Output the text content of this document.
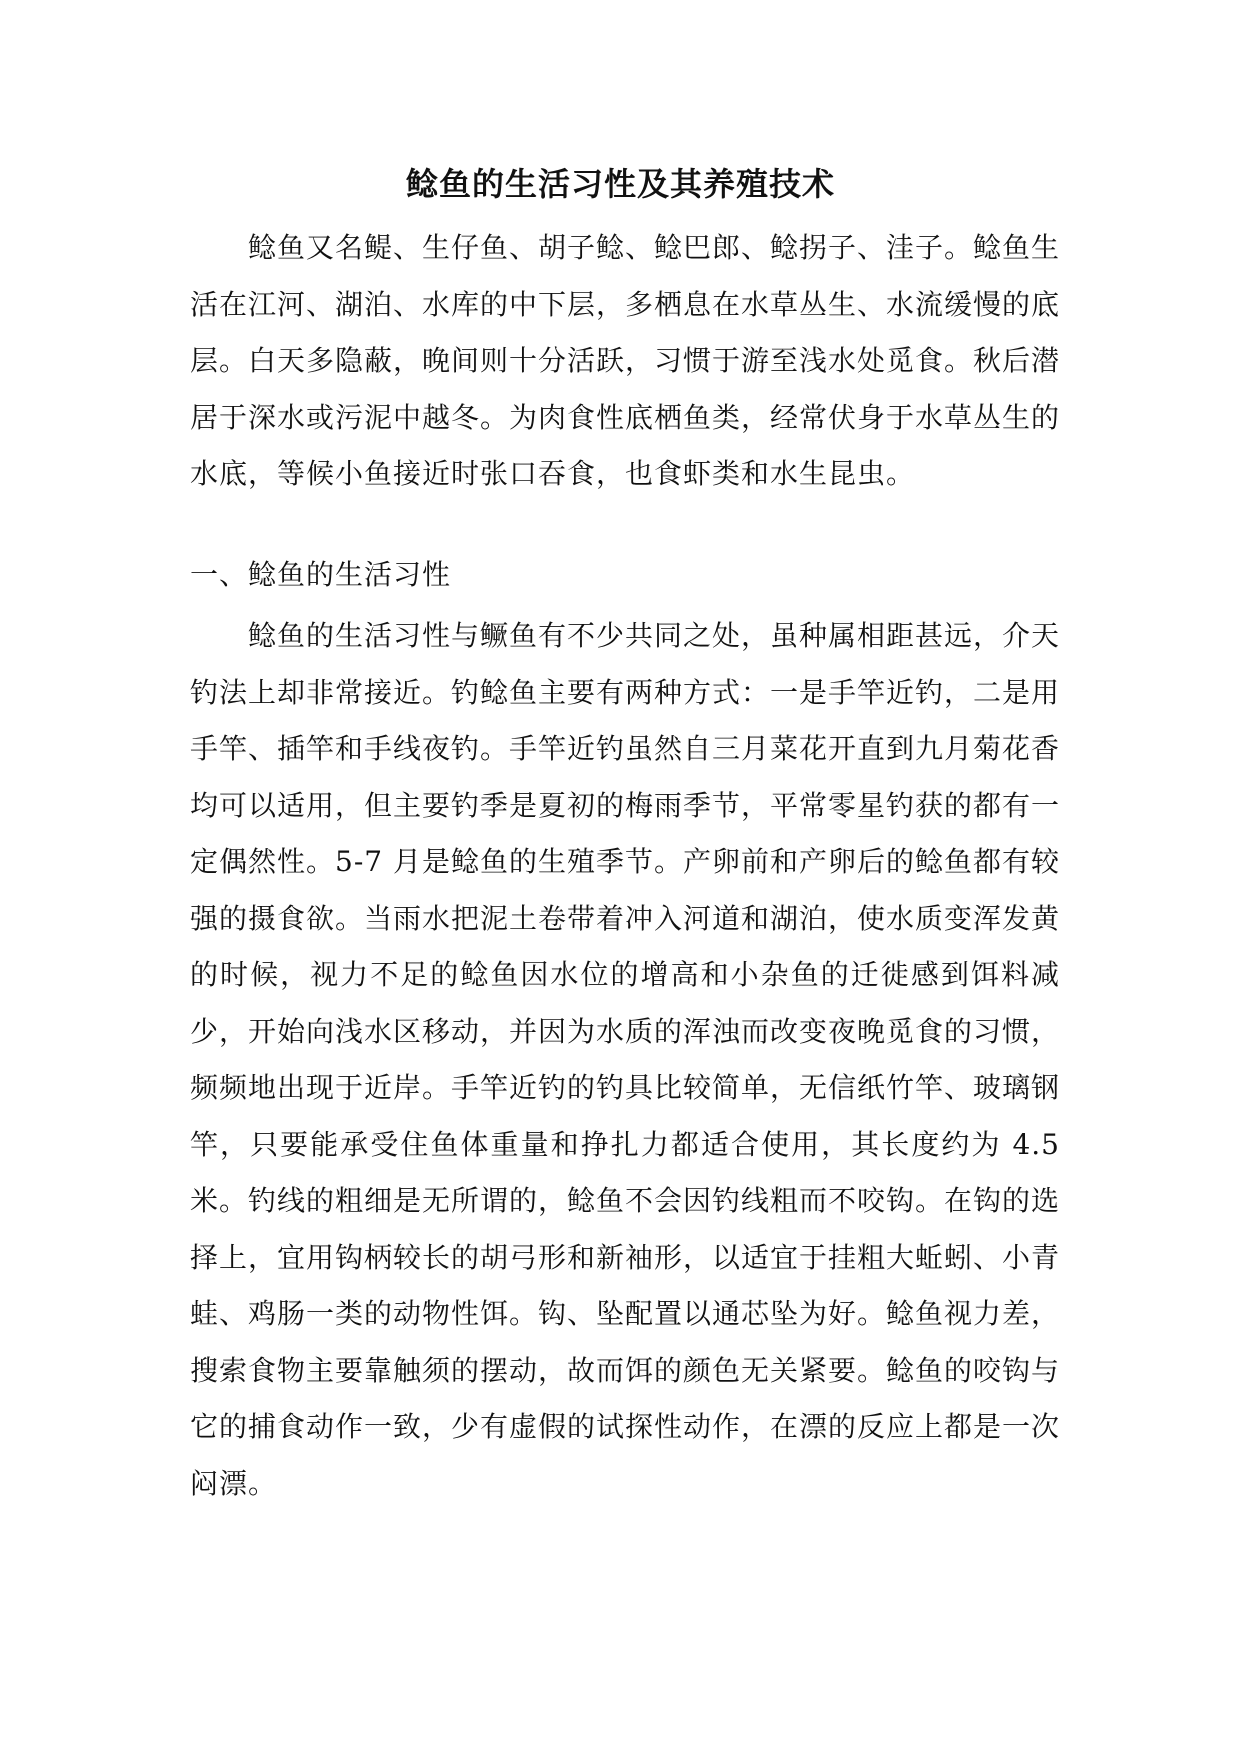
鲶鱼的生活习性及其养殖技术

鲶鱼又名鳀、生仔鱼、胡子鲶、鲶巴郎、鲶拐子、洼子。鲶鱼生活在江河、湖泊、水库的中下层，多栖息在水草丛生、水流缓慢的底层。白天多隐蔽，晚间则十分活跃，习惯于游至浅水处觅食。秋后潜居于深水或污泥中越冬。为肉食性底栖鱼类，经常伏身于水草丛生的水底，等候小鱼接近时张口吞食，也食虾类和水生昆虫。

一、鲶鱼的生活习性

鲶鱼的生活习性与鳜鱼有不少共同之处，虽种属相距甚远，介天钓法上却非常接近。钓鲶鱼主要有两种方式：一是手竿近钓，二是用手竿、插竿和手线夜钓。手竿近钓虽然自三月菜花开直到九月菊花香均可以适用，但主要钓季是夏初的梅雨季节，平常零星钓获的都有一定偶然性。5-7 月是鲶鱼的生殖季节。产卵前和产卵后的鲶鱼都有较强的摄食欲。当雨水把泥土卷带着冲入河道和湖泊，使水质变浑发黄的时候，视力不足的鲶鱼因水位的增高和小杂鱼的迁徙感到饵料减少，开始向浅水区移动，并因为水质的浑浊而改变夜晚觅食的习惯，频频地出现于近岸。手竿近钓的钓具比较简单，无信纸竹竿、玻璃钢竿，只要能承受住鱼体重量和挣扎力都适合使用，其长度约为 4.5 米。钓线的粗细是无所谓的，鲶鱼不会因钓线粗而不咬钩。在钩的选择上，宜用钩柄较长的胡弓形和新袖形，以适宜于挂粗大蚯蚓、小青蛙、鸡肠一类的动物性饵。钩、坠配置以通芯坠为好。鲶鱼视力差，搜索食物主要靠触须的摆动，故而饵的颜色无关紧要。鲶鱼的咬钩与它的捕食动作一致，少有虚假的试探性动作，在漂的反应上都是一次闷漂。
